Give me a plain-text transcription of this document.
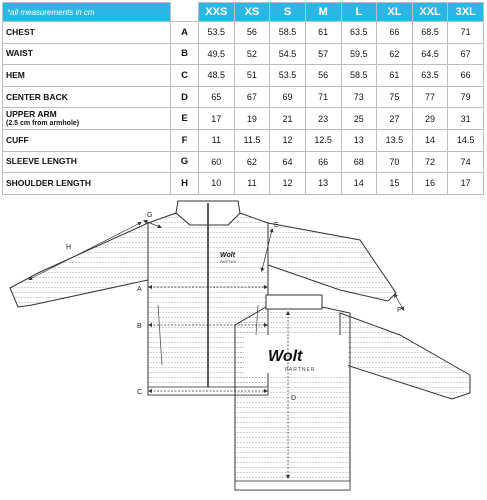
*all measurements in cm		XXS	XS	S	M	L	XL	XXL	3XL
CHEST	A	53.5	56	58.5	61	63.5	66	68.5	71
WAIST	B	49.5	52	54.5	57	59.5	62	64.5	67
HEM	C	48.5	51	53.5	56	58.5	61	63.5	66
CENTER BACK	D	65	67	69	71	73	75	77	79
UPPER ARM
(2.5 cm from armhole)	E	17	19	21	23	25	27	29	31
CUFF	F	11	11.5	12	12.5	13	13.5	14	14.5
SLEEVE LENGTH	G	60	62	64	66	68	70	72	74
SHOULDER LENGTH	H	10	11	12	13	14	15	16	17
Wolt
PARTNER
A
B
C
E
G
H
Wolt
PARTNER
D
F
